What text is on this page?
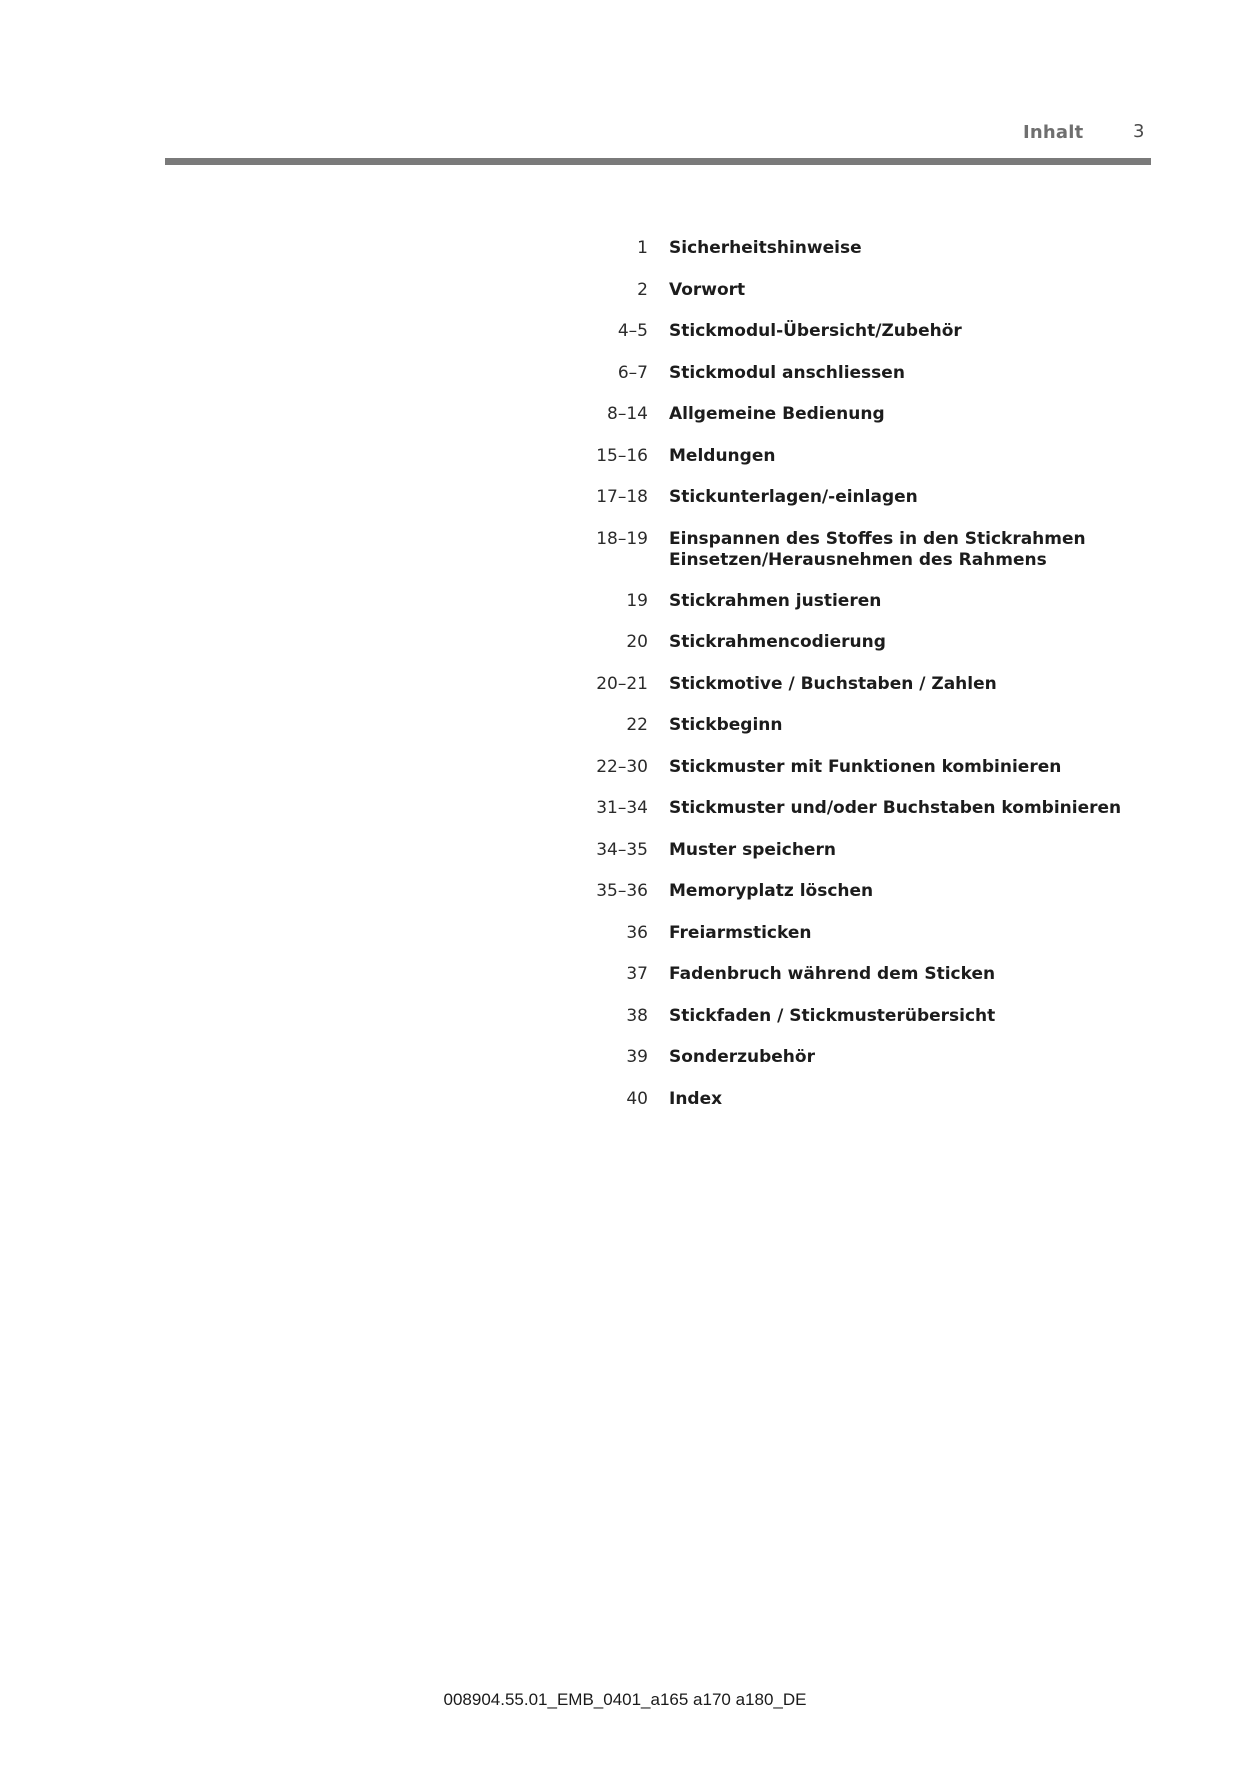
Inhalt	3
1 Sicherheitshinweise
2 Vorwort
4–5 Stickmodul-Übersicht/Zubehör
6–7 Stickmodul anschliessen
8–14 Allgemeine Bedienung
15–16 Meldungen
17–18 Stickunterlagen/-einlagen
18–19 Einspannen des Stoffes in den Stickrahmen
Einsetzen/Herausnehmen des Rahmens
19 Stickrahmen justieren
20 Stickrahmencodierung
20–21 Stickmotive / Buchstaben / Zahlen
22 Stickbeginn
22–30 Stickmuster mit Funktionen kombinieren
31–34 Stickmuster und/oder Buchstaben kombinieren
34–35 Muster speichern
35–36 Memoryplatz löschen
36 Freiarmsticken
37 Fadenbruch während dem Sticken
38 Stickfaden / Stickmusterübersicht
39 Sonderzubehör
40 Index
008904.55.01_EMB_0401_a165 a170 a180_DE
